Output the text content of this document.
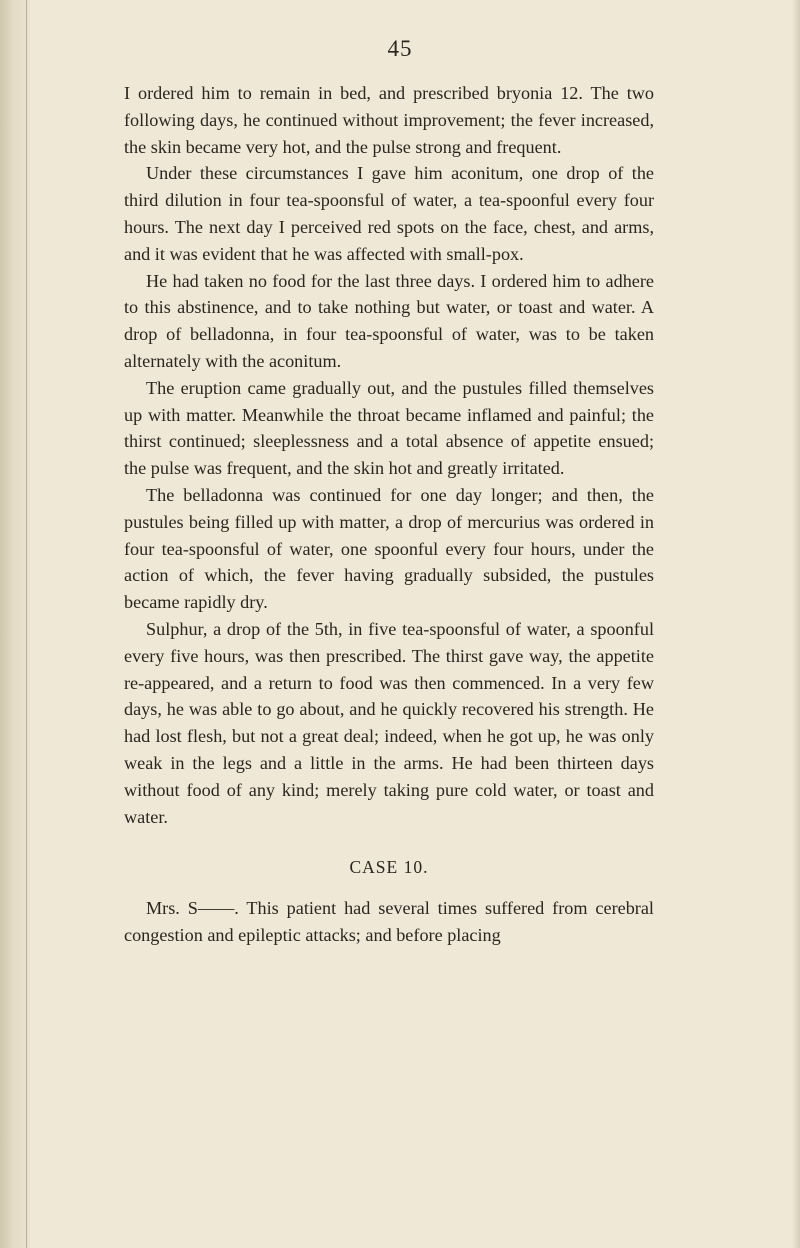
45

I ordered him to remain in bed, and prescribed bryonia 12. The two following days, he continued without improvement; the fever increased, the skin became very hot, and the pulse strong and frequent.

Under these circumstances I gave him aconitum, one drop of the third dilution in four tea-spoonsful of water, a tea-spoonful every four hours. The next day I perceived red spots on the face, chest, and arms, and it was evident that he was affected with small-pox.

He had taken no food for the last three days. I ordered him to adhere to this abstinence, and to take nothing but water, or toast and water. A drop of belladonna, in four tea-spoonsful of water, was to be taken alternately with the aconitum.

The eruption came gradually out, and the pustules filled themselves up with matter. Meanwhile the throat became inflamed and painful; the thirst continued; sleeplessness and a total absence of appetite ensued; the pulse was frequent, and the skin hot and greatly irritated.

The belladonna was continued for one day longer; and then, the pustules being filled up with matter, a drop of mercurius was ordered in four tea-spoonsful of water, one spoonful every four hours, under the action of which, the fever having gradually subsided, the pustules became rapidly dry.

Sulphur, a drop of the 5th, in five tea-spoonsful of water, a spoonful every five hours, was then prescribed. The thirst gave way, the appetite re-appeared, and a return to food was then commenced. In a very few days, he was able to go about, and he quickly recovered his strength. He had lost flesh, but not a great deal; indeed, when he got up, he was only weak in the legs and a little in the arms. He had been thirteen days without food of any kind; merely taking pure cold water, or toast and water.

CASE 10.

Mrs. S——. This patient had several times suffered from cerebral congestion and epileptic attacks; and before placing
